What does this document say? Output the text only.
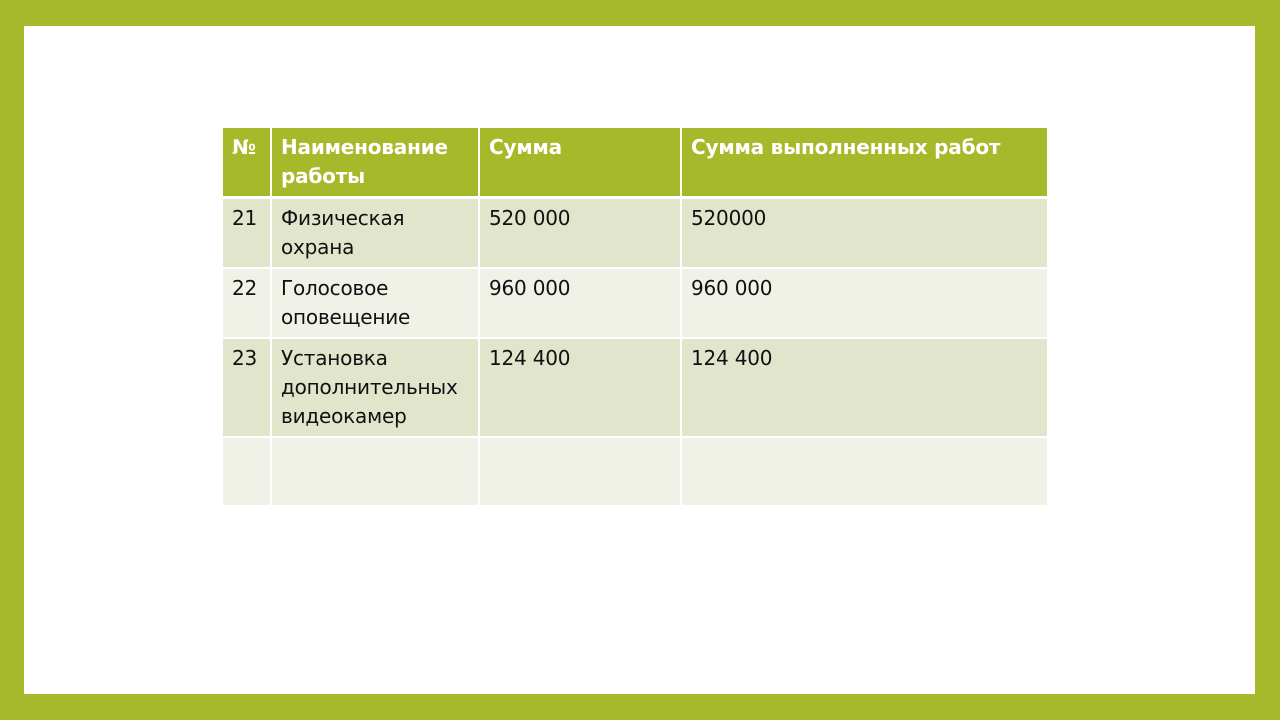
№	Наименование работы	Сумма	Сумма выполненных работ
21	Физическая охрана	520 000	520000
22	Голосовое оповещение	960 000	960 000
23	Установка дополнительных видеокамер	124 400	124 400
